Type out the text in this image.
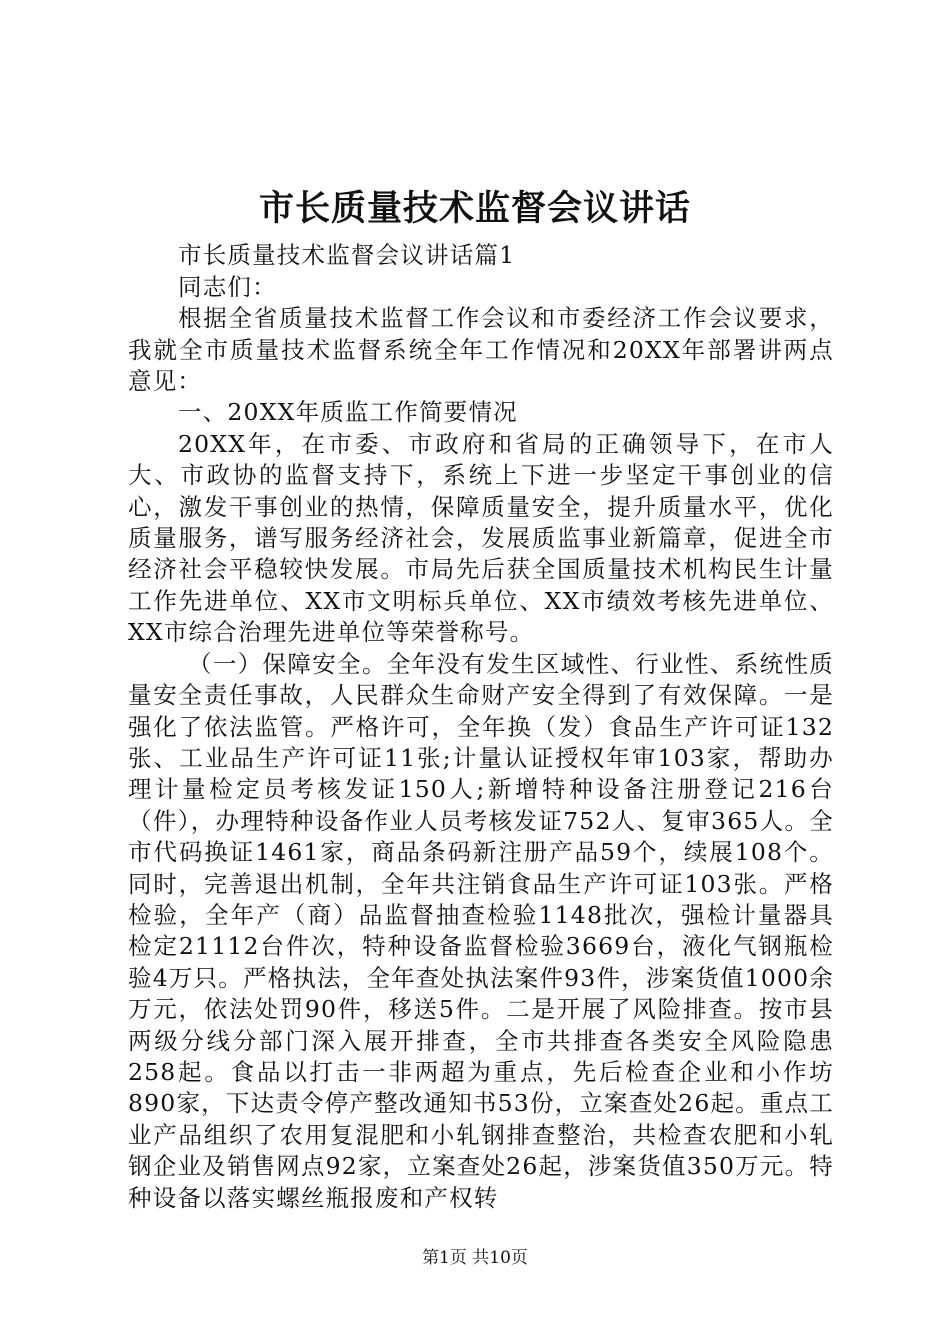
市长质量技术监督会议讲话

市长质量技术监督会议讲话篇1

同志们：

根据全省质量技术监督工作会议和市委经济工作会议要求，我就全市质量技术监督系统全年工作情况和20XX年部署讲两点意见：

一、20XX年质监工作简要情况

20XX年，在市委、市政府和省局的正确领导下，在市人大、市政协的监督支持下，系统上下进一步坚定干事创业的信心，激发干事创业的热情，保障质量安全，提升质量水平，优化质量服务，谱写服务经济社会，发展质监事业新篇章，促进全市经济社会平稳较快发展。市局先后获全国质量技术机构民生计量工作先进单位、XX市文明标兵单位、XX市绩效考核先进单位、XX市综合治理先进单位等荣誉称号。

（一）保障安全。全年没有发生区域性、行业性、系统性质量安全责任事故，人民群众生命财产安全得到了有效保障。一是强化了依法监管。严格许可，全年换（发）食品生产许可证132张、工业品生产许可证11张;计量认证授权年审103家，帮助办理计量检定员考核发证150人;新增特种设备注册登记216台（件），办理特种设备作业人员考核发证752人、复审365人。全市代码换证1461家，商品条码新注册产品59个，续展108个。同时，完善退出机制，全年共注销食品生产许可证103张。严格检验，全年产（商）品监督抽查检验1148批次，强检计量器具检定21112台件次，特种设备监督检验3669台，液化气钢瓶检验4万只。严格执法，全年查处执法案件93件，涉案货值1000余万元，依法处罚90件，移送5件。二是开展了风险排查。按市县两级分线分部门深入展开排查，全市共排查各类安全风险隐患258起。食品以打击一非两超为重点，先后检查企业和小作坊890家，下达责令停产整改通知书53份，立案查处26起。重点工业产品组织了农用复混肥和小轧钢排查整治，共检查农肥和小轧钢企业及销售网点92家，立案查处26起，涉案货值350万元。特种设备以落实螺丝瓶报废和产权转

第1页 共10页
